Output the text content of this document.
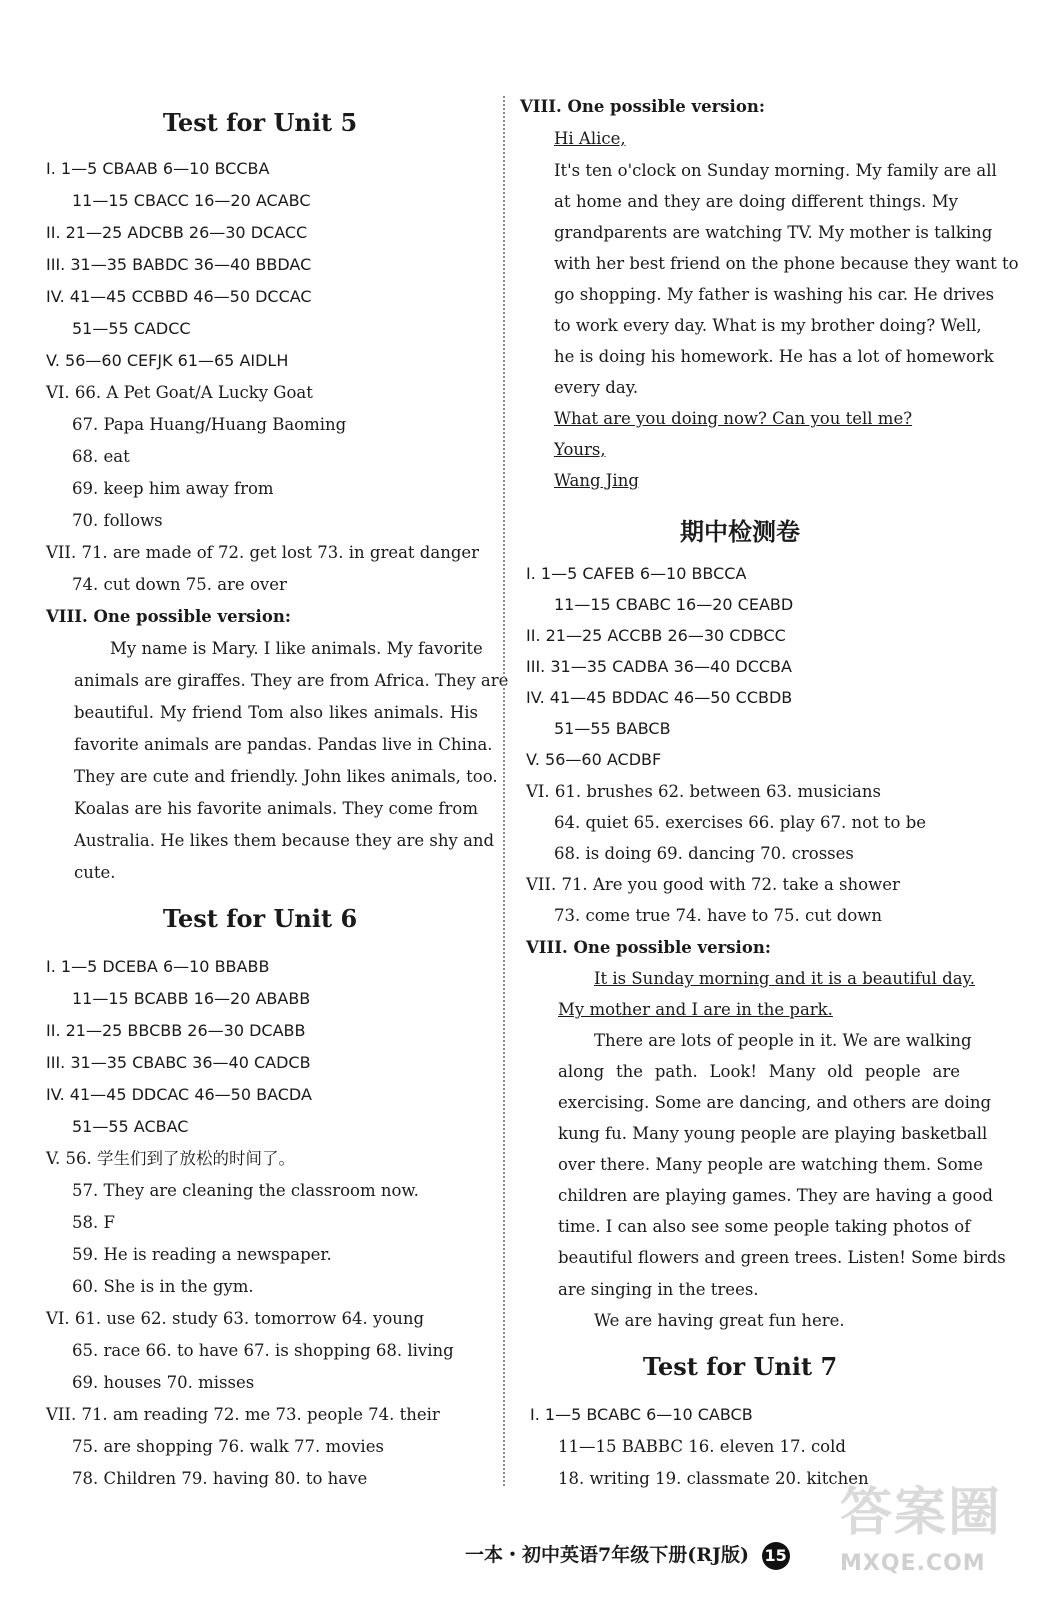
Test for Unit 5
I. 1—5 CBAAB 6—10 BCCBA
11—15 CBACC 16—20 ACABC
II. 21—25 ADCBB 26—30 DCACC
III. 31—35 BABDC 36—40 BBDAC
IV. 41—45 CCBBD 46—50 DCCAC
51—55 CADCC
V. 56—60 CEFJK 61—65 AIDLH
VI. 66. A Pet Goat/A Lucky Goat
67. Papa Huang/Huang Baoming
68. eat
69. keep him away from
70. follows
VII. 71. are made of 72. get lost 73. in great danger
74. cut down 75. are over
VIII. One possible version:
My name is Mary. I like animals. My favorite
animals are giraffes. They are from Africa. They are
beautiful. My friend Tom also likes animals. His
favorite animals are pandas. Pandas live in China.
They are cute and friendly. John likes animals, too.
Koalas are his favorite animals. They come from
Australia. He likes them because they are shy and
cute.
Test for Unit 6
I. 1—5 DCEBA 6—10 BBABB
11—15 BCABB 16—20 ABABB
II. 21—25 BBCBB 26—30 DCABB
III. 31—35 CBABC 36—40 CADCB
IV. 41—45 DDCAC 46—50 BACDA
51—55 ACBAC
V. 56. 学生们到了放松的时间了。
57. They are cleaning the classroom now.
58. F
59. He is reading a newspaper.
60. She is in the gym.
VI. 61. use 62. study 63. tomorrow 64. young
65. race 66. to have 67. is shopping 68. living
69. houses 70. misses
VII. 71. am reading 72. me 73. people 74. their
75. are shopping 76. walk 77. movies
78. Children 79. having 80. to have
VIII. One possible version:
Hi Alice,
It's ten o'clock on Sunday morning. My family are all
at home and they are doing different things. My
grandparents are watching TV. My mother is talking
with her best friend on the phone because they want to
go shopping. My father is washing his car. He drives
to work every day. What is my brother doing? Well,
he is doing his homework. He has a lot of homework
every day.
What are you doing now? Can you tell me?
Yours,
Wang Jing
期中检测卷
I. 1—5 CAFEB 6—10 BBCCA
11—15 CBABC 16—20 CEABD
II. 21—25 ACCBB 26—30 CDBCC
III. 31—35 CADBA 36—40 DCCBA
IV. 41—45 BDDAC 46—50 CCBDB
51—55 BABCB
V. 56—60 ACDBF
VI. 61. brushes 62. between 63. musicians
64. quiet 65. exercises 66. play 67. not to be
68. is doing 69. dancing 70. crosses
VII. 71. Are you good with 72. take a shower
73. come true 74. have to 75. cut down
VIII. One possible version:
It is Sunday morning and it is a beautiful day.
My mother and I are in the park.
There are lots of people in it. We are walking
along the path. Look! Many old people are
exercising. Some are dancing, and others are doing
kung fu. Many young people are playing basketball
over there. Many people are watching them. Some
children are playing games. They are having a good
time. I can also see some people taking photos of
beautiful flowers and green trees. Listen! Some birds
are singing in the trees.
We are having great fun here.
Test for Unit 7
I. 1—5 BCABC 6—10 CABCB
11—15 BABBC 16. eleven 17. cold
18. writing 19. classmate 20. kitchen
一本・初中英语7年级下册(RJ版) 15
答案圈
MXQE.COM
